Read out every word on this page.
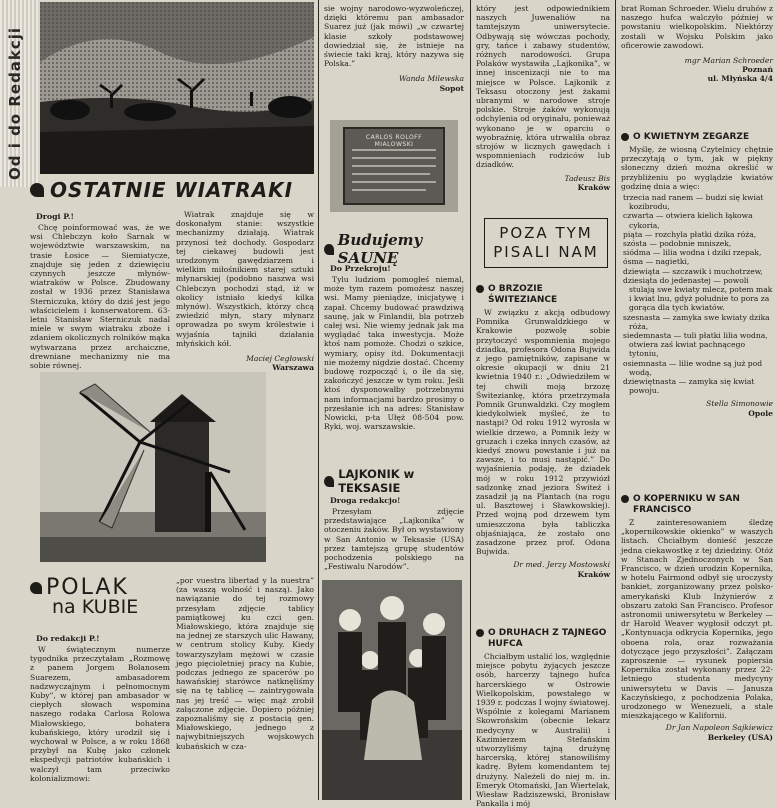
Od i do Redakcji
OSTATNIE WIATRAKI
Drogi P.!
Chcę poinformować was, że we wsi Chlebczyn koło Sarnak w województwie warszawskim, na trasie Łosice — Siemiatycze, znajduje się jeden z dziewięciu czynnych jeszcze młynów-wiatraków w Polsce. Zbudowany został w 1936 przez Stanisława Sterniczuka, który do dziś jest jego właścicielem i konserwatorem. 63-letni Stanisław Sterniczuk nadal miele w swym wiatraku zboże i zdaniem okolicznych rolników mąka wytwarzana przez archaiczne, drewniane mechanizmy nie ma sobie równej.
Wiatrak znajduje się w doskonałym stanie: wszystkie mechanizmy działają. Wiatrak przynosi też dochody. Gospodarz tej ciekawej budowli jest urodzonym gawędziarzem i wielkim miłośnikiem starej sztuki młynarskiej (podobno naszwa wsi Chlebczyn pochodzi stąd, iż w okolicy istniało kiedyś kilka młynów). Wszystkich, którzy chcą zwiedzić młyn, stary młynarz oprowadza po swym królestwie i wyjaśnia tajniki działania młyńskich kół.
Maciej Cegłowski
Warszawa
POLAK
na KUBIE
Do redakcji P.!
W świątecznym numerze tygodnika przeczytałam „Rozmowę z panem Jorgem Bolanosem Suarezem, ambasadorem nadzwyczajnym i pełnomocnym Kuby”, w której pan ambasador w ciepłych słowach wspomina naszego rodaka Carlosa Rolowa Miałowskiego, bohatera kubańskiego, który urodził się i wychował w Polsce, a w roku 1868 przybył na Kubę jako członek ekspedycji patriotów kubańskich i walczył tam przeciwko kolonializmowi:
„por vuestra libertad y la nuestra” (za waszą wolność i naszą). Jako nawiązanie do tej rozmowy przesyłam zdjęcie tablicy pamiątkowej ku czci gen. Miałowskiego, która znajduje się na jednej ze starszych ulic Hawany, w centrum stolicy Kuby. Kiedy towarzyszyłam mężowi w czasie jego pięcioletniej pracy na Kubie, podczas jednego ze spacerów po hawańskiej starówce natknęliśmy się na tę tablicę — zaintrygowała nas jej treść — więc mąż zrobił załączone zdjęcie. Dopiero później zapoznaliśmy się z postacią gen. Miałowskiego, jednego z najwybitniejszych wojskowych kubańskich w cza-
sie wojny narodowo-wyzwoleńczej, dzięki któremu pan ambasador Suarez już (jak mówi) „w czwartej klasie szkoły podstawowej dowiedział się, że istnieje na świecie taki kraj, który nazywa się Polska.”
Wanda Milewska
Sopot
CARLOS ROLOFF MIALOWSKI
Budujemy SAUNĘ
Do Przekroju!
Tylu ludziom pomogłeś niemal, może tym razem pomożesz naszej wsi. Mamy pieniądze, inicjatywę i zapał. Chcemy budować prawdziwą saunę, jak w Finlandii, bla potrzeb całej wsi. Nie wiemy jednak jak ma wyglądać taka inwestycja. Może ktoś nam pomoże. Chodzi o szkice, wymiary, opisy itd. Dokumentacji nie możemy nigdzie dostać. Chcemy budowę rozpocząć i, o ile da się, zakończyć jeszcze w tym roku. Jeśli ktoś dysponowałby potrzebnymi nam informacjami bardzo prosimy o przesłanie ich na adres: Stanisław Nowicki, p-ta Ułęż 08-504 pow. Ryki, woj. warszawskie.
LAJKONIK w TEKSASIE
Droga redakcjo!
Przesyłam zdjęcie przedstawiające „Lajkonika” w otoczeniu żaków. Był on wystawiony w San Antonio w Teksasie (USA) przez tamtejszą grupę studentów pochodzenia polskiego na „Festiwalu Narodów”.
który jest odpowiednikiem naszych Juwenaliów na tamtejszym uniwersytecie. Odbywają się wówczas pochody, gry, tańce i zabawy studentów, różnych narodowości. Grupa Polaków wystawiła „Lajkonika”, w innej inscenizacji nie to ma miejsce w Polsce. Lajkonik z Teksasu otoczony jest żakami ubranymi w narodowe stroje polskie. Stroje żaków wykonują odchylenia od oryginału, ponieważ wykonano je w oparciu o wyobraźnię, która utrwaliła obraz strojów w licznych gawędach i wspomnieniach rodziców lub dziadków.
Tadeusz Bis
Kraków
POZA TYM
PISALI NAM
O BRZOZIE ŚWITEZIANCE
W związku z akcją odbudowy Pomnika Grunwaldzkiego w Krakowie pozwolę sobie przytoczyć wspomnienia mojego dziadka, profesora Odona Bujwida z jego pamiętników, zapisane w okresie okupacji w dniu 21 kwietnia 1940 r.: „Odwiedziłem w tej chwili moją brzozę Świteziankę, która przetrzymała Pomnik Grunwaldzki. Czy mogłem kiedykolwiek myśleć, że to nastąpi? Od roku 1912 wyrosła w wielkie drzewo, a Pomnik leży w gruzach i czeka innych czasów, aż kiedyś znowu powstanie i już na zawsze, i to musi nastąpić.” Do wyjaśnienia podaję, że dziadek mój w roku 1912 przywiózł sadzonkę znad jeziora Świteź i zasadził ją na Plantach (na rogu ul. Basztowej i Sławkowskiej). Przed wojną pod drzewem tym umieszczona była tabliczka objaśniająca, że zostało ono zasadzone przez prof. Odona Bujwida.
Dr med. Jerzy Mostowski
Kraków
O DRUHACH Z TAJNEGO HUFCA
Chciałbym ustalić los, względnie miejsce pobytu żyjących jeszcze osób, harcerzy tajnego hufca harcerskiego w Ostrowie Wielkopolskim, powstałego w 1939 r. podczas I wojny światowej. Wspólnie z kolegami Marianem Skowrońskim (obecnie lekarz medycyny w Australii) i Kazimierzem Stefańskim utworzyliśmy tajną drużynę harcerską, której stanowiliśmy kadrę. Byłem komendantem tej drużyny. Należeli do niej m. in. Emeryk Otomański, Jan Wiertelak, Wiesław Radziszewski, Bronisław Pankalla i mój
brat Roman Schroeder. Wielu druhów z naszego hufca walczyło później w powstaniu wielkopolskim. Niektórzy zostali w Wojsku Polskim jako oficerowie zawodowi.
mgr Marian Schroeder
Poznań
ul. Młyńska 4/4
O KWIETNYM ZEGARZE
Myślę, że wiosną Czytelnicy chętnie przeczytają o tym, jak w piękny słoneczny dzień można określić w przybliżeniu po wyglądzie kwiatów godzinę dnia a więc:
trzecia nad ranem — budzi się kwiat kozibrodu,
czwarta — otwiera kielich łąkowa cykoria,
piąta — rozchyla płatki dzika róża,
szósta — podobnie mniszek,
siódma — lilia wodna i dziki rzepak,
ósma — nagietki,
dziewiąta — szczawik i muchotrzew,
dziesiąta do jedenastej — powoli stulają swe kwiaty mlecz, potem mak i kwiat lnu, gdyż południe to pora za gorąca dla tych kwiatów.
szesnasta — zamyka swe kwiaty dzika róża,
siedemnasta — tuli płatki lilia wodna, otwiera zaś kwiat pachnącego tytoniu,
osiemnasta — lilie wodne są już pod wodą,
dziewiętnasta — zamyka się kwiat powoju.
Stella Simonowie
Opole
O KOPERNIKU W SAN FRANCISCO
Z zainteresowaniem śledzę „kopernikowskie okienko” w waszych listach. Chciałbym donieść jeszcze jedna ciekawostkę z tej dziedziny. Otóż w Stanach Zjednoczonych w San Francisco, w dzień urodzin Kopernika, w hotelu Fairmond odbył się uroczysty bankiet, zorganizowany przez polsko-amerykański Klub Inżynierów z obszaru zatoki San Francisco. Profesor astronomii uniwersytetu w Berkeley — dr Harold Weaver wygłosił odczyt pt. „Kontynuacja odkrycia Kopernika, jego oboena rola, oraz rozważania dotyczące jego przyszłości”. Załączam zaproszenie — rysunek popiersia Kopernika został wykonany przez 22-letniego studenta medycyny uniwersytetu w Davis — Janusza Kaczyńskiego, z pochodzenia Polaka, urodzonego w Wenezueli, a stale mieszkającego w Kalifornii.
Dr Jan Napoleon Sajkiewicz
Berkeley (USA)
